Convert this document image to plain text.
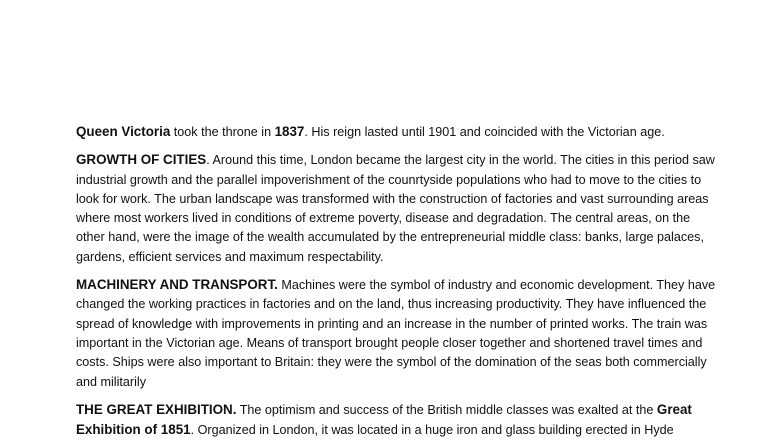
Queen Victoria took the throne in 1837. His reign lasted until 1901 and coincided with the Victorian age.

GROWTH OF CITIES. Around this time, London became the largest city in the world. The cities in this period saw industrial growth and the parallel impoverishment of the counrtyside populations who had to move to the cities to look for work. The urban landscape was transformed with the construction of factories and vast surrounding areas where most workers lived in conditions of extreme poverty, disease and degradation. The central areas, on the other hand, were the image of the wealth accumulated by the entrepreneurial middle class: banks, large palaces, gardens, efficient services and maximum respectability.

MACHINERY AND TRANSPORT. Machines were the symbol of industry and economic development. They have changed the working practices in factories and on the land, thus increasing productivity. They have influenced the spread of knowledge with improvements in printing and an increase in the number of printed works. The train was important in the Victorian age. Means of transport brought people closer together and shortened travel times and costs. Ships were also important to Britain: they were the symbol of the domination of the seas both commercially and militarily

THE GREAT EXHIBITION. The optimism and success of the British middle classes was exalted at the Great Exhibition of 1851. Organized in London, it was located in a huge iron and glass building erected in Hyde
